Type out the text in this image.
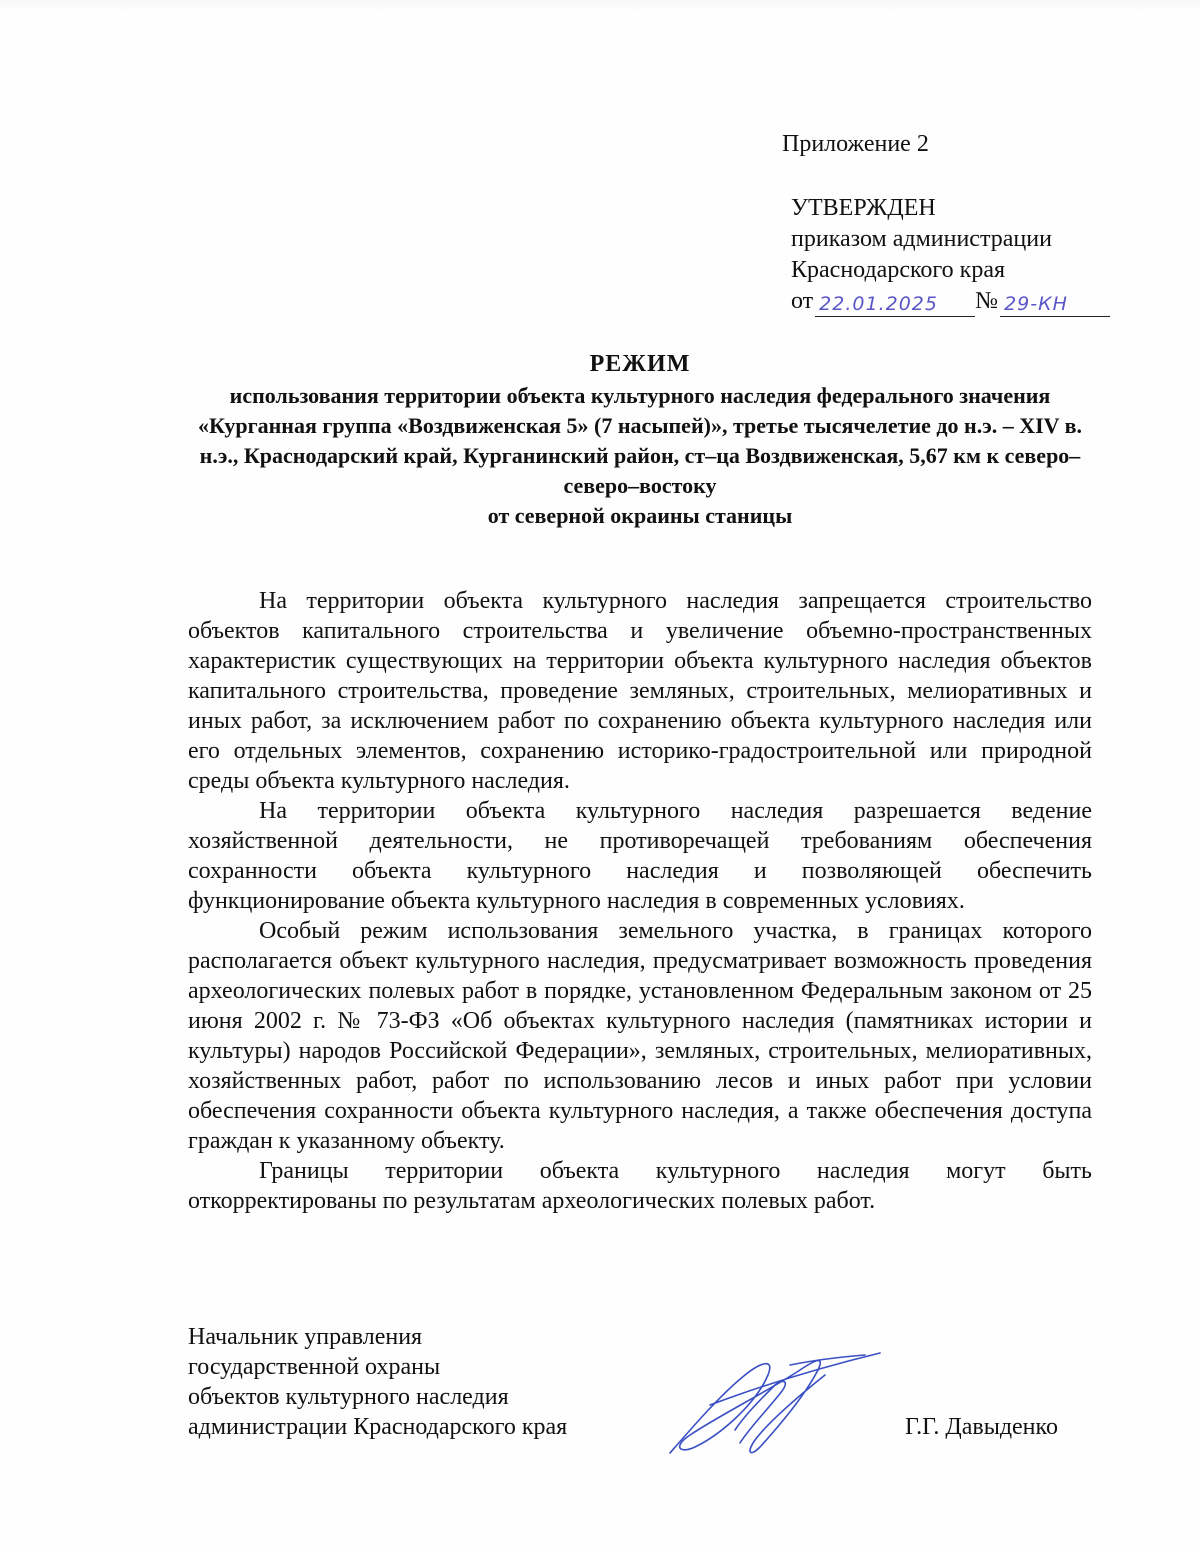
Приложение 2
УТВЕРЖДЕН
приказом администрации
Краснодарского края
от 22.01.2025	№ 29-КН
РЕЖИМ
использования территории объекта культурного наследия федерального значения «Курганная группа «Воздвиженская 5» (7 насыпей)», третье тысячелетие до н.э. – XIV в. н.э., Краснодарский край, Курганинский район, ст–ца Воздвиженская, 5,67 км к северо–северо–востоку
от северной окраины станицы

На территории объекта культурного наследия запрещается строительство объектов капитального строительства и увеличение объемно-пространственных характеристик существующих на территории объекта культурного наследия объектов капитального строительства, проведение земляных, строительных, мелиоративных и иных работ, за исключением работ по сохранению объекта культурного наследия или его отдельных элементов, сохранению историко-градостроительной или природной среды объекта культурного наследия.

На территории объекта культурного наследия разрешается ведение хозяйственной деятельности, не противоречащей требованиям обеспечения сохранности объекта культурного наследия и позволяющей обеспечить функционирование объекта культурного наследия в современных условиях.

Особый режим использования земельного участка, в границах которого располагается объект культурного наследия, предусматривает возможность проведения археологических полевых работ в порядке, установленном Федеральным законом от 25 июня 2002 г. № 73-ФЗ «Об объектах культурного наследия (памятниках истории и культуры) народов Российской Федерации», земляных, строительных, мелиоративных, хозяйственных работ, работ по использованию лесов и иных работ при условии обеспечения сохранности объекта культурного наследия, а также обеспечения доступа граждан к указанному объекту.

Границы территории объекта культурного наследия могут быть откорректированы по результатам археологических полевых работ.

Начальник управления
государственной охраны
объектов культурного наследия
администрации Краснодарского края	Г.Г. Давыденко
